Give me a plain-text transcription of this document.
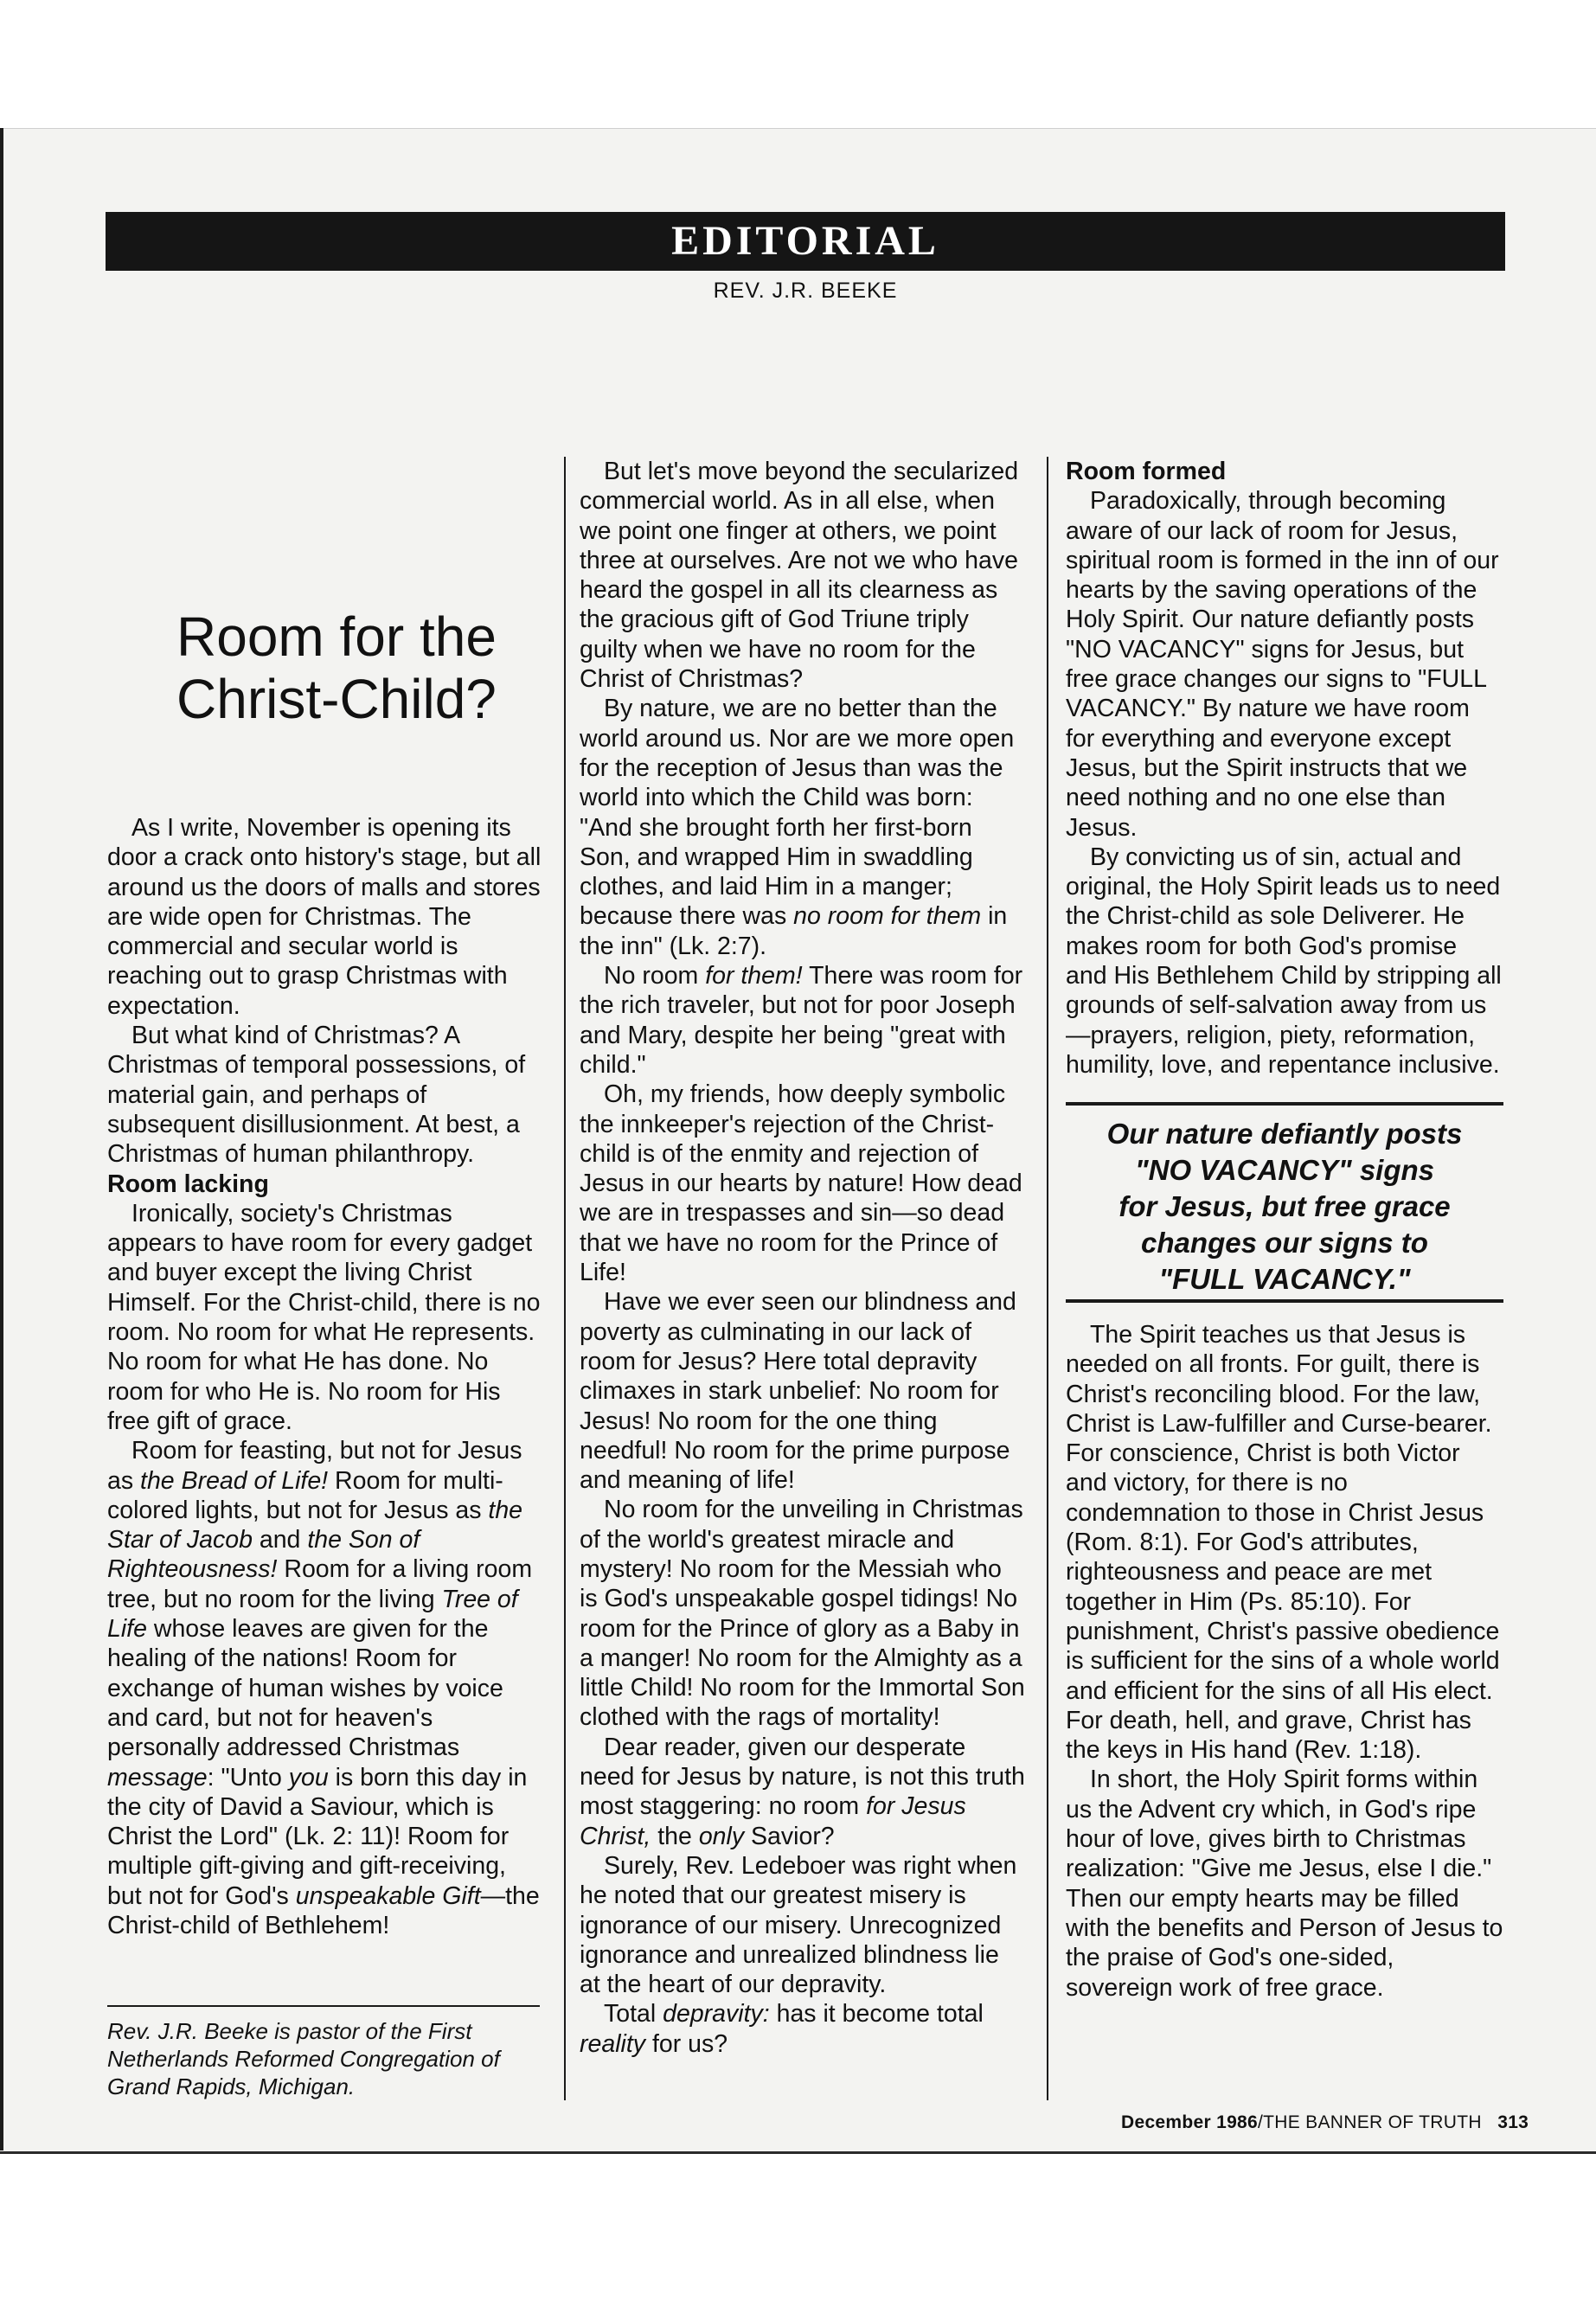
EDITORIAL
REV. J.R. BEEKE
Room for the
Christ-Child?

As I write, November is opening its door a crack onto history's stage, but all around us the doors of malls and stores are wide open for Christmas. The commercial and secular world is reaching out to grasp Christmas with expectation.

But what kind of Christmas? A Christmas of temporal possessions, of material gain, and perhaps of subsequent disillusionment. At best, a Christmas of human philanthropy.

Room lacking

Ironically, society's Christmas appears to have room for every gadget and buyer except the living Christ Himself. For the Christ-child, there is no room. No room for what He represents. No room for what He has done. No room for who He is. No room for His free gift of grace.

Room for feasting, but not for Jesus as the Bread of Life! Room for multi-colored lights, but not for Jesus as the Star of Jacob and the Son of Righteousness! Room for a living room tree, but no room for the living Tree of Life whose leaves are given for the healing of the nations! Room for exchange of human wishes by voice and card, but not for heaven's personally addressed Christmas message: "Unto you is born this day in the city of David a Saviour, which is Christ the Lord" (Lk. 2: 11)! Room for multiple gift-giving and gift-receiving, but not for God's unspeakable Gift—the Christ-child of Bethlehem!

Rev. J.R. Beeke is pastor of the First Netherlands Reformed Congregation of Grand Rapids, Michigan.

But let's move beyond the secularized commercial world. As in all else, when we point one finger at others, we point three at ourselves. Are not we who have heard the gospel in all its clearness as the gracious gift of God Triune triply guilty when we have no room for the Christ of Christmas?

By nature, we are no better than the world around us. Nor are we more open for the reception of Jesus than was the world into which the Child was born: "And she brought forth her first-born Son, and wrapped Him in swaddling clothes, and laid Him in a manger; because there was no room for them in the inn" (Lk. 2:7).

No room for them! There was room for the rich traveler, but not for poor Joseph and Mary, despite her being "great with child."

Oh, my friends, how deeply symbolic the innkeeper's rejection of the Christ-child is of the enmity and rejection of Jesus in our hearts by nature! How dead we are in trespasses and sin—so dead that we have no room for the Prince of Life!

Have we ever seen our blindness and poverty as culminating in our lack of room for Jesus? Here total depravity climaxes in stark unbelief: No room for Jesus! No room for the one thing needful! No room for the prime purpose and meaning of life!

No room for the unveiling in Christmas of the world's greatest miracle and mystery! No room for the Messiah who is God's unspeakable gospel tidings! No room for the Prince of glory as a Baby in a manger! No room for the Almighty as a little Child! No room for the Immortal Son clothed with the rags of mortality!

Dear reader, given our desperate need for Jesus by nature, is not this truth most staggering: no room for Jesus Christ, the only Savior?

Surely, Rev. Ledeboer was right when he noted that our greatest misery is ignorance of our misery. Unrecognized ignorance and unrealized blindness lie at the heart of our depravity.

Total depravity: has it become total reality for us?

Room formed

Paradoxically, through becoming aware of our lack of room for Jesus, spiritual room is formed in the inn of our hearts by the saving operations of the Holy Spirit. Our nature defiantly posts "NO VACANCY" signs for Jesus, but free grace changes our signs to "FULL VACANCY." By nature we have room for everything and everyone except Jesus, but the Spirit instructs that we need nothing and no one else than Jesus.

By convicting us of sin, actual and original, the Holy Spirit leads us to need the Christ-child as sole Deliverer. He makes room for both God's promise and His Bethlehem Child by stripping all grounds of self-salvation away from us—prayers, religion, piety, reformation, humility, love, and repentance inclusive.

Our nature defiantly posts
"NO VACANCY" signs
for Jesus, but free grace
changes our signs to
"FULL VACANCY."

The Spirit teaches us that Jesus is needed on all fronts. For guilt, there is Christ's reconciling blood. For the law, Christ is Law-fulfiller and Curse-bearer. For conscience, Christ is both Victor and victory, for there is no condemnation to those in Christ Jesus (Rom. 8:1). For God's attributes, righteousness and peace are met together in Him (Ps. 85:10). For punishment, Christ's passive obedience is sufficient for the sins of a whole world and efficient for the sins of all His elect. For death, hell, and grave, Christ has the keys in His hand (Rev. 1:18).

In short, the Holy Spirit forms within us the Advent cry which, in God's ripe hour of love, gives birth to Christmas realization: "Give me Jesus, else I die." Then our empty hearts may be filled with the benefits and Person of Jesus to the praise of God's one-sided, sovereign work of free grace.

December 1986/THE BANNER OF TRUTH 313
